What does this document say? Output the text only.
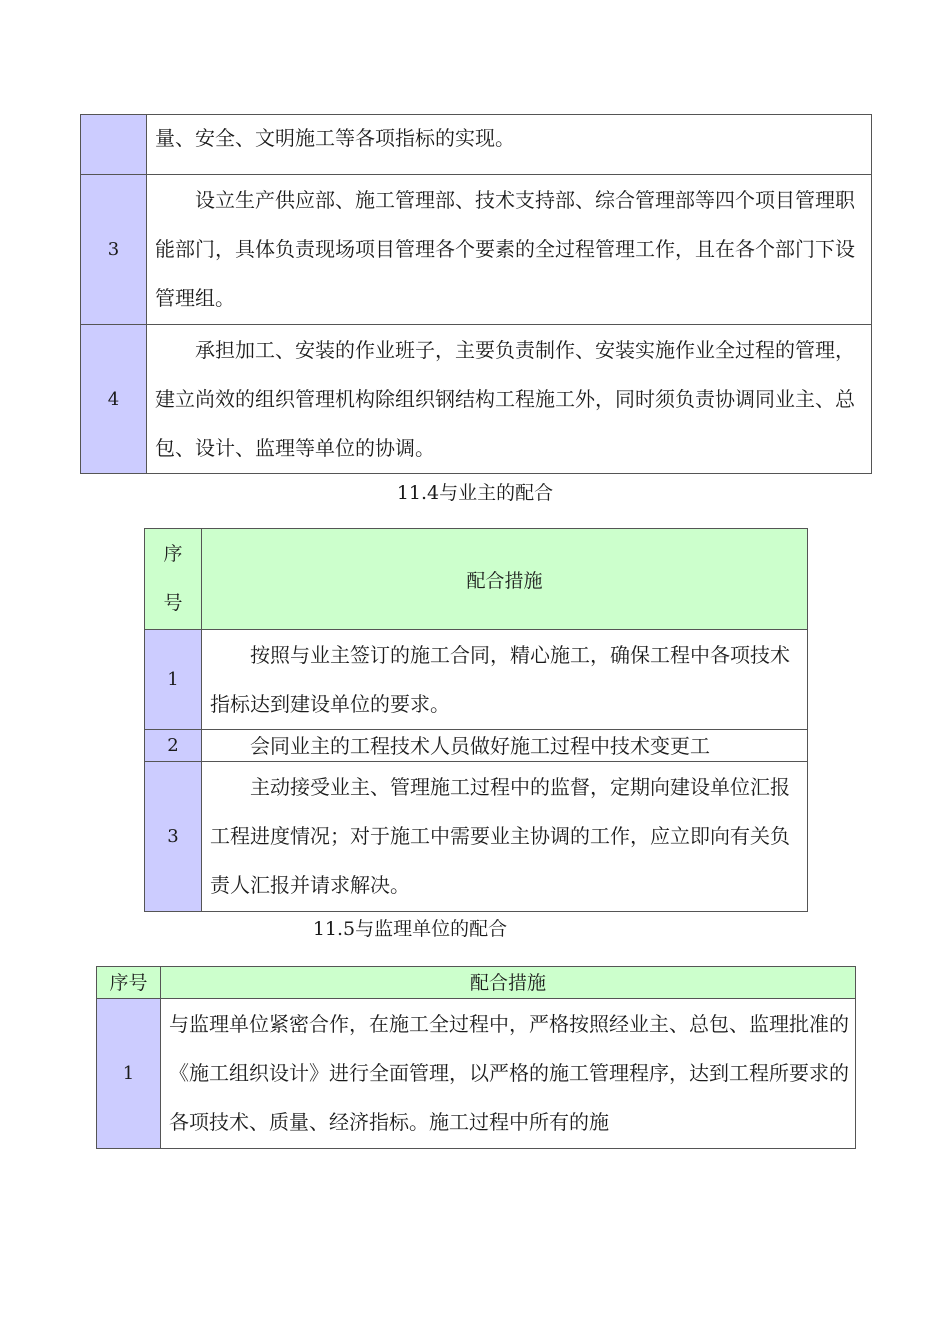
	量、安全、文明施工等各项指标的实现。
3	设立生产供应部、施工管理部、技术支持部、综合管理部等四个项目管理职能部门，具体负责现场项目管理各个要素的全过程管理工作，且在各个部门下设管理组。
4	承担加工、安装的作业班子，主要负责制作、安装实施作业全过程的管理，建立尚效的组织管理机构除组织钢结构工程施工外，同时须负责协调同业主、总包、设计、监理等单位的协调。
11.4与业主的配合
序号	配合措施
1	按照与业主签订的施工合同，精心施工，确保工程中各项技术指标达到建设单位的要求。
2	会同业主的工程技术人员做好施工过程中技术变更工
3	主动接受业主、管理施工过程中的监督，定期向建设单位汇报工程进度情况；对于施工中需要业主协调的工作，应立即向有关负责人汇报并请求解决。
11.5与监理单位的配合
序号	配合措施
1	与监理单位紧密合作，在施工全过程中，严格按照经业主、总包、监理批准的《施工组织设计》进行全面管理，以严格的施工管理程序，达到工程所要求的各项技术、质量、经济指标。施工过程中所有的施
